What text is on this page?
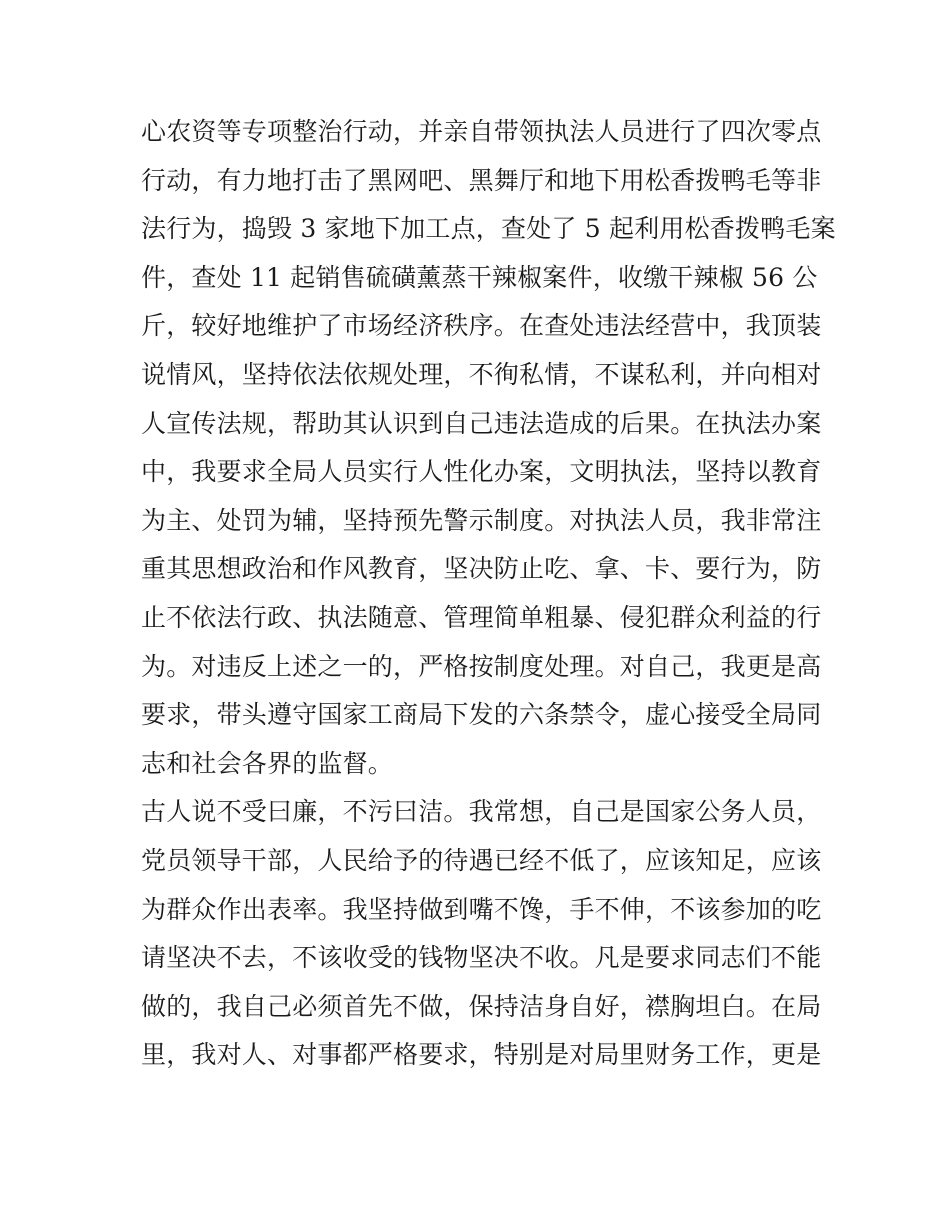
心农资等专项整治行动，并亲自带领执法人员进行了四次零点
行动，有力地打击了黑网吧、黑舞厅和地下用松香拨鸭毛等非
法行为，捣毁 3 家地下加工点，查处了 5 起利用松香拨鸭毛案
件，查处 11 起销售硫磺薰蒸干辣椒案件，收缴干辣椒 56 公
斤，较好地维护了市场经济秩序。在查处违法经营中，我顶装
说情风，坚持依法依规处理，不徇私情，不谋私利，并向相对
人宣传法规，帮助其认识到自己违法造成的后果。在执法办案
中，我要求全局人员实行人性化办案，文明执法，坚持以教育
为主、处罚为辅，坚持预先警示制度。对执法人员，我非常注
重其思想政治和作风教育，坚决防止吃、拿、卡、要行为，防
止不依法行政、执法随意、管理简单粗暴、侵犯群众利益的行
为。对违反上述之一的，严格按制度处理。对自己，我更是高
要求，带头遵守国家工商局下发的六条禁令，虚心接受全局同
志和社会各界的监督。
古人说不受曰廉，不污曰洁。我常想，自己是国家公务人员，
党员领导干部，人民给予的待遇已经不低了，应该知足，应该
为群众作出表率。我坚持做到嘴不馋，手不伸，不该参加的吃
请坚决不去，不该收受的钱物坚决不收。凡是要求同志们不能
做的，我自己必须首先不做，保持洁身自好，襟胸坦白。在局
里，我对人、对事都严格要求，特别是对局里财务工作，更是
